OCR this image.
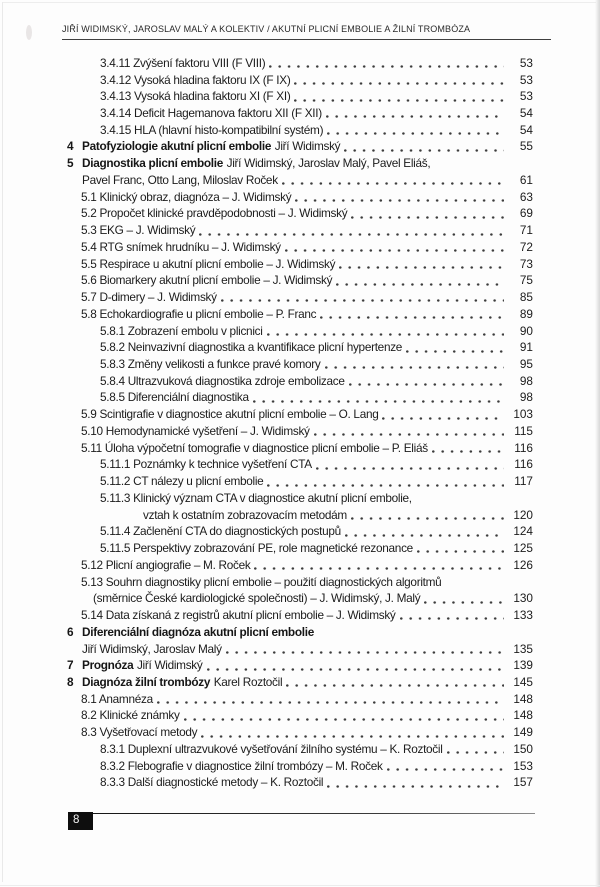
JIŘÍ WIDIMSKÝ, JAROSLAV MALÝ A KOLEKTIV / AKUTNÍ PLICNÍ EMBOLIE A ŽILNÍ TROMBÓZA
3.4.11 Zvýšení faktoru VIII (F VIII)	53
3.4.12 Vysoká hladina faktoru IX (F IX)	53
3.4.13 Vysoká hladina faktoru XI (F XI)	53
3.4.14 Deficit Hagemanova faktoru XII (F XII)	54
3.4.15 HLA (hlavní histo-kompatibilní systém)	54
4 Patofyziologie akutní plicní embolie Jiří Widimský	55
5 Diagnostika plicní embolie Jiří Widimský, Jaroslav Malý, Pavel Eliáš,
Pavel Franc, Otto Lang, Miloslav Roček	61
5.1 Klinický obraz, diagnóza – J. Widimský	63
5.2 Propočet klinické pravděpodobnosti – J. Widimský	69
5.3 EKG – J. Widimský	71
5.4 RTG snímek hrudníku – J. Widimský	72
5.5 Respirace u akutní plicní embolie – J. Widimský	73
5.6 Biomarkery akutní plicní embolie – J. Widimský	75
5.7 D-dimery – J. Widimský	85
5.8 Echokardiografie u plicní embolie – P. Franc	89
5.8.1 Zobrazení embolu v plicnici	90
5.8.2 Neinvazivní diagnostika a kvantifikace plicní hypertenze	91
5.8.3 Změny velikosti a funkce pravé komory	95
5.8.4 Ultrazvuková diagnostika zdroje embolizace	98
5.8.5 Diferenciální diagnostika	98
5.9 Scintigrafie v diagnostice akutní plicní embolie – O. Lang	103
5.10 Hemodynamické vyšetření – J. Widimský	115
5.11 Úloha výpočetní tomografie v diagnostice plicní embolie – P. Eliáš	116
5.11.1 Poznámky k technice vyšetření CTA	116
5.11.2 CT nálezy u plicní embolie	117
5.11.3 Klinický význam CTA v diagnostice akutní plicní embolie,
vztah k ostatním zobrazovacím metodám	120
5.11.4 Začlenění CTA do diagnostických postupů	124
5.11.5 Perspektivy zobrazování PE, role magnetické rezonance	125
5.12 Plicní angiografie – M. Roček	126
5.13 Souhrn diagnostiky plicní embolie – použití diagnostických algoritmů
(směrnice České kardiologické společnosti) – J. Widimský, J. Malý	130
5.14 Data získaná z registrů akutní plicní embolie – J. Widimský	133
6 Diferenciální diagnóza akutní plicní embolie
Jiří Widimský, Jaroslav Malý	135
7 Prognóza Jiří Widimský	139
8 Diagnóza žilní trombózy Karel Roztočil	145
8.1 Anamnéza	148
8.2 Klinické známky	148
8.3 Vyšetřovací metody	149
8.3.1 Duplexní ultrazvukové vyšetřování žilního systému – K. Roztočil	150
8.3.2 Flebografie v diagnostice žilní trombózy – M. Roček	153
8.3.3 Další diagnostické metody – K. Roztočil	157
8
